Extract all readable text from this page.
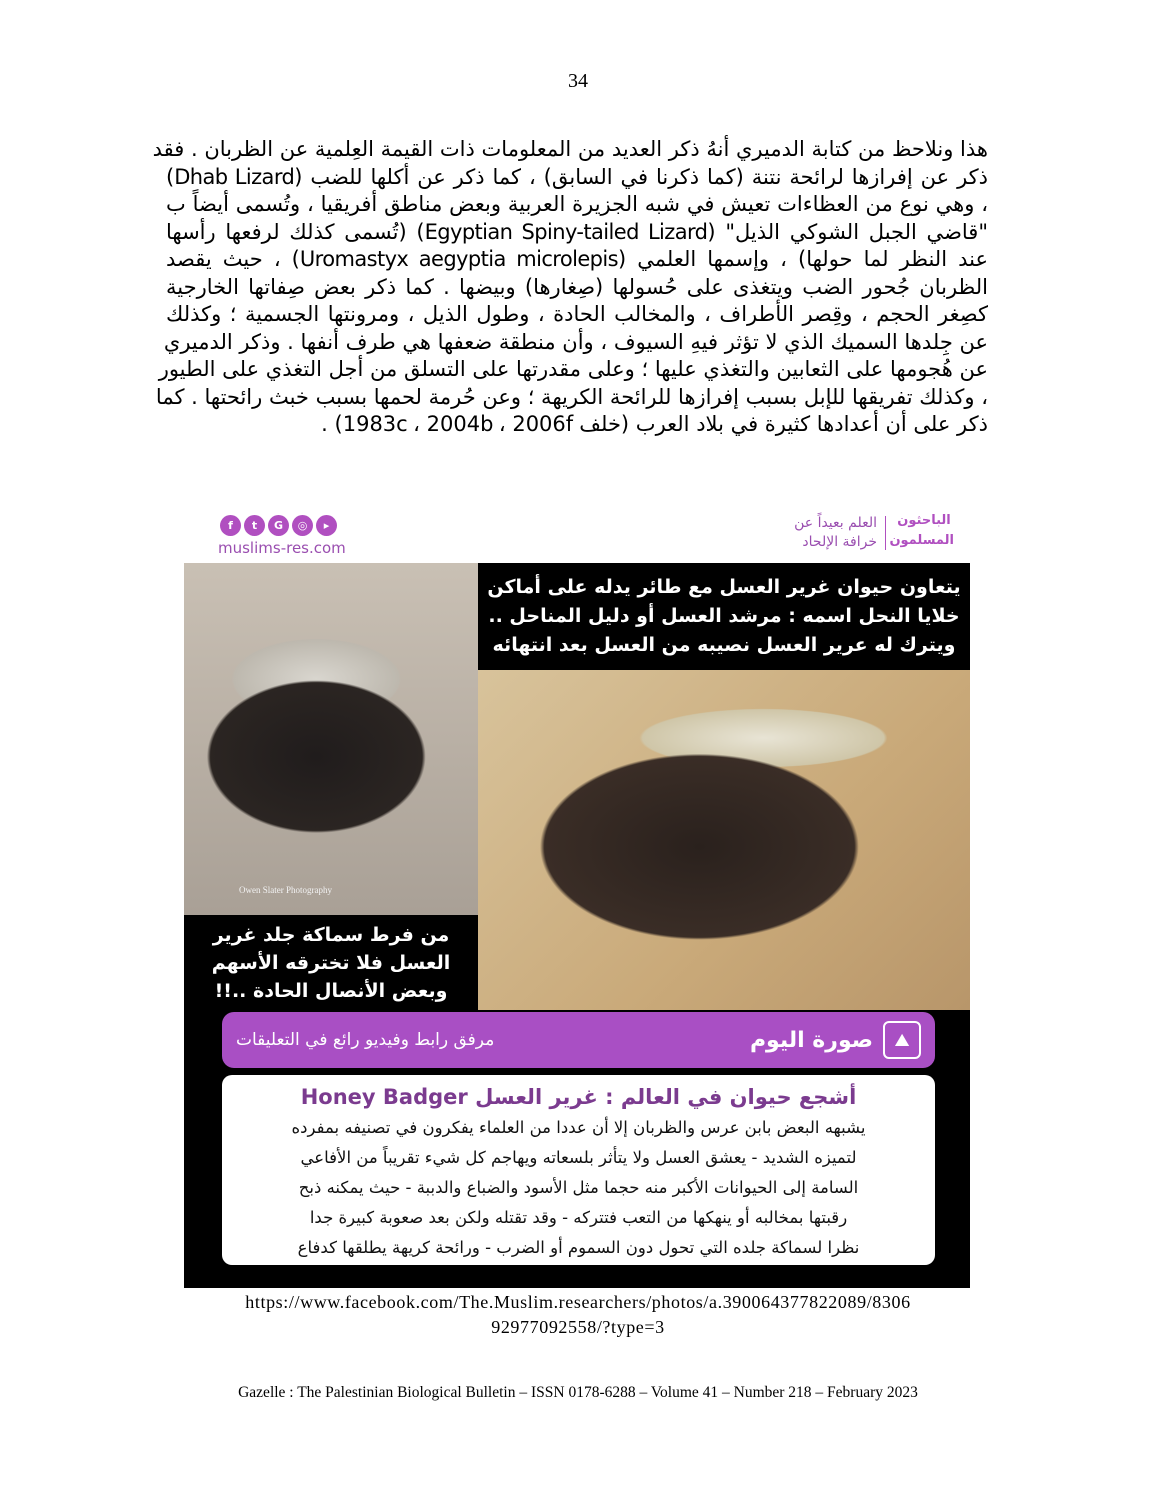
34
هذا ونلاحظ من كتابة الدميري أنهُ ذكر العديد من المعلومات ذات القيمة العِلمية عن الظربان . فقد
ذكر عن إفرازها لرائحة نتنة (كما ذكرنا في السابق) ، كما ذكر عن أكلها للضب (Dhab Lizard)
، وهي نوع من العظاءات تعيش في شبه الجزيرة العربية وبعض مناطق أفريقيا ، وتُسمى أيضاً ب
"قاضي الجبل الشوكي الذيل" (Egyptian Spiny-tailed Lizard) (تُسمى كذلك لرفعها رأسها
عند النظر لما حولها) ، وإسمها العلمي (Uromastyx aegyptia microlepis) ، حيث يقصد
الظربان جُحور الضب ويتغذى على حُسولها (صِغارها) وبيضها . كما ذكر بعض صِفاتها الخارجية
كصِغر الحجم ، وقِصر الأطراف ، والمخالب الحادة ، وطول الذيل ، ومرونتها الجسمية ؛ وكذلك
عن جِلدها السميك الذي لا تؤثر فيهِ السيوف ، وأن منطقة ضعفها هي طرف أنفها . وذكر الدميري
عن هُجومها على الثعابين والتغذي عليها ؛ وعلى مقدرتها على التسلق من أجل التغذي على الطيور
، وكذلك تفريقها للإبل بسبب إفرازها للرائحة الكريهة ؛ وعن حُرمة لحمها بسبب خبث رائحتها . كما
ذكر على أن أعدادها كثيرة في بلاد العرب (خلف 1983c ، 2004b ، 2006f) .
f	t	G	◎	▸
muslims-res.com
الباحثون
المسلمون
العلم بعيداً عن
خرافة الإلحاد
Owen Slater Photography
يتعاون حيوان غرير العسل مع طائر يدله على أماكن
خلايا النحل اسمه : مرشد العسل أو دليل المناحل ..
ويترك له عرير العسل نصيبه من العسل بعد انتهائه
من فرط سماكة جلد غرير
العسل فلا تخترقه الأسهم
وبعض الأنصال الحادة ..!!
⛰
صورة اليوم
مرفق رابط وفيديو رائع في التعليقات
أشجع حيوان في العالم : غرير العسل Honey Badger
يشبهه البعض بابن عرس والظربان إلا أن عددا من العلماء يفكرون في تصنيفه بمفرده
لتميزه الشديد - يعشق العسل ولا يتأثر بلسعاته ويهاجم كل شيء تقريباً من الأفاعي
السامة إلى الحيوانات الأكبر منه حجما مثل الأسود والضباع والدببة - حيث يمكنه ذبح
رقبتها بمخالبه أو ينهكها من التعب فتتركه - وقد تقتله ولكن بعد صعوبة كبيرة جدا
نظرا لسماكة جلده التي تحول دون السموم أو الضرب - ورائحة كريهة يطلقها كدفاع
https://www.facebook.com/The.Muslim.researchers/photos/a.390064377822089/8306
92977092558/?type=3
Gazelle : The Palestinian Biological Bulletin – ISSN 0178-6288 – Volume 41 – Number 218 – February 2023
